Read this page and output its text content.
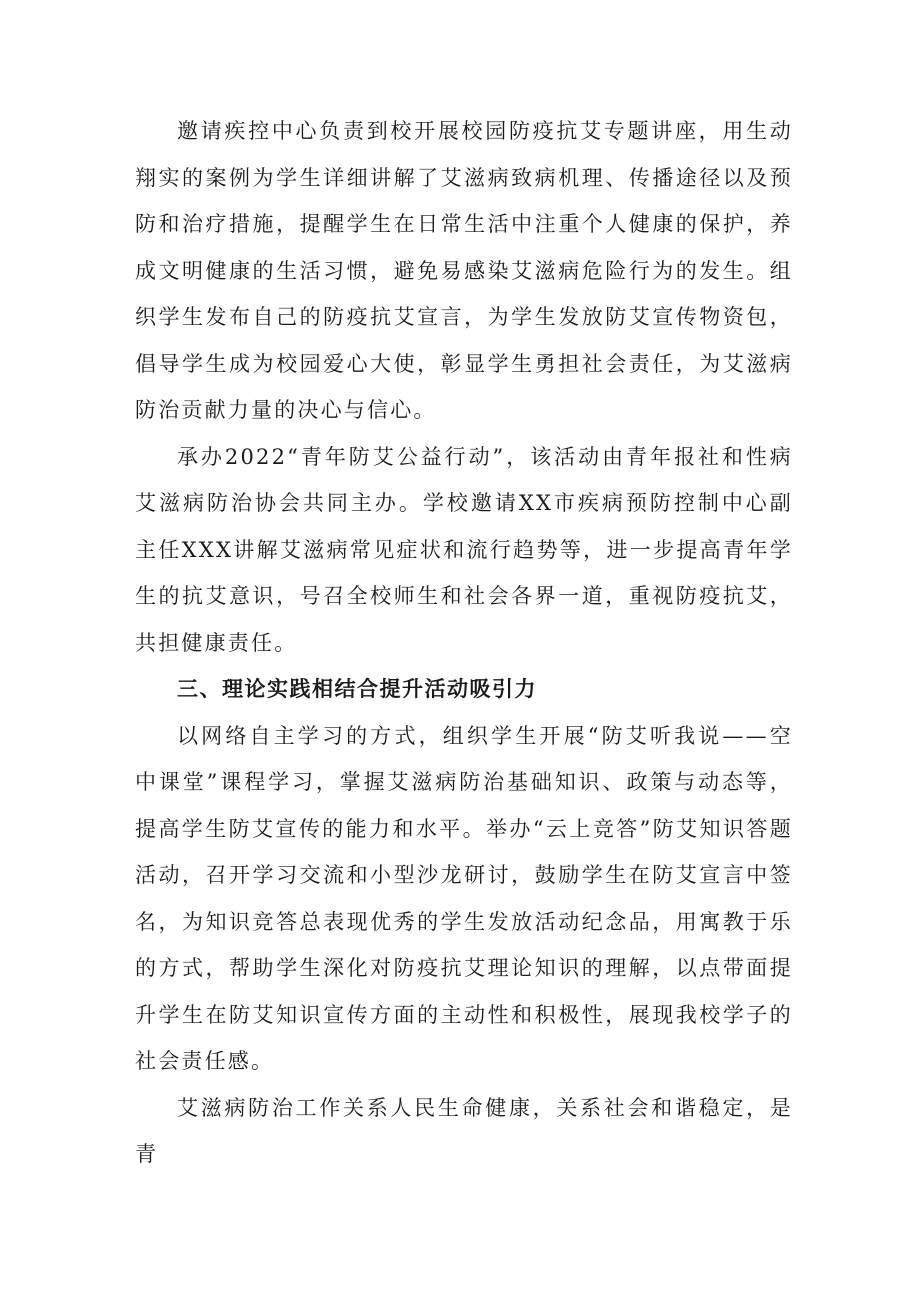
邀请疾控中心负责到校开展校园防疫抗艾专题讲座，用生动翔实的案例为学生详细讲解了艾滋病致病机理、传播途径以及预防和治疗措施，提醒学生在日常生活中注重个人健康的保护，养成文明健康的生活习惯，避免易感染艾滋病危险行为的发生。组织学生发布自己的防疫抗艾宣言，为学生发放防艾宣传物资包，倡导学生成为校园爱心大使，彰显学生勇担社会责任，为艾滋病防治贡献力量的决心与信心。

承办2022“青年防艾公益行动”，该活动由青年报社和性病艾滋病防治协会共同主办。学校邀请XX市疾病预防控制中心副主任XXX讲解艾滋病常见症状和流行趋势等，进一步提高青年学生的抗艾意识，号召全校师生和社会各界一道，重视防疫抗艾，共担健康责任。

三、理论实践相结合提升活动吸引力

以网络自主学习的方式，组织学生开展“防艾听我说——空中课堂”课程学习，掌握艾滋病防治基础知识、政策与动态等，提高学生防艾宣传的能力和水平。举办“云上竞答”防艾知识答题活动，召开学习交流和小型沙龙研讨，鼓励学生在防艾宣言中签名，为知识竞答总表现优秀的学生发放活动纪念品，用寓教于乐的方式，帮助学生深化对防疫抗艾理论知识的理解，以点带面提升学生在防艾知识宣传方面的主动性和积极性，展现我校学子的社会责任感。

艾滋病防治工作关系人民生命健康，关系社会和谐稳定，是青
